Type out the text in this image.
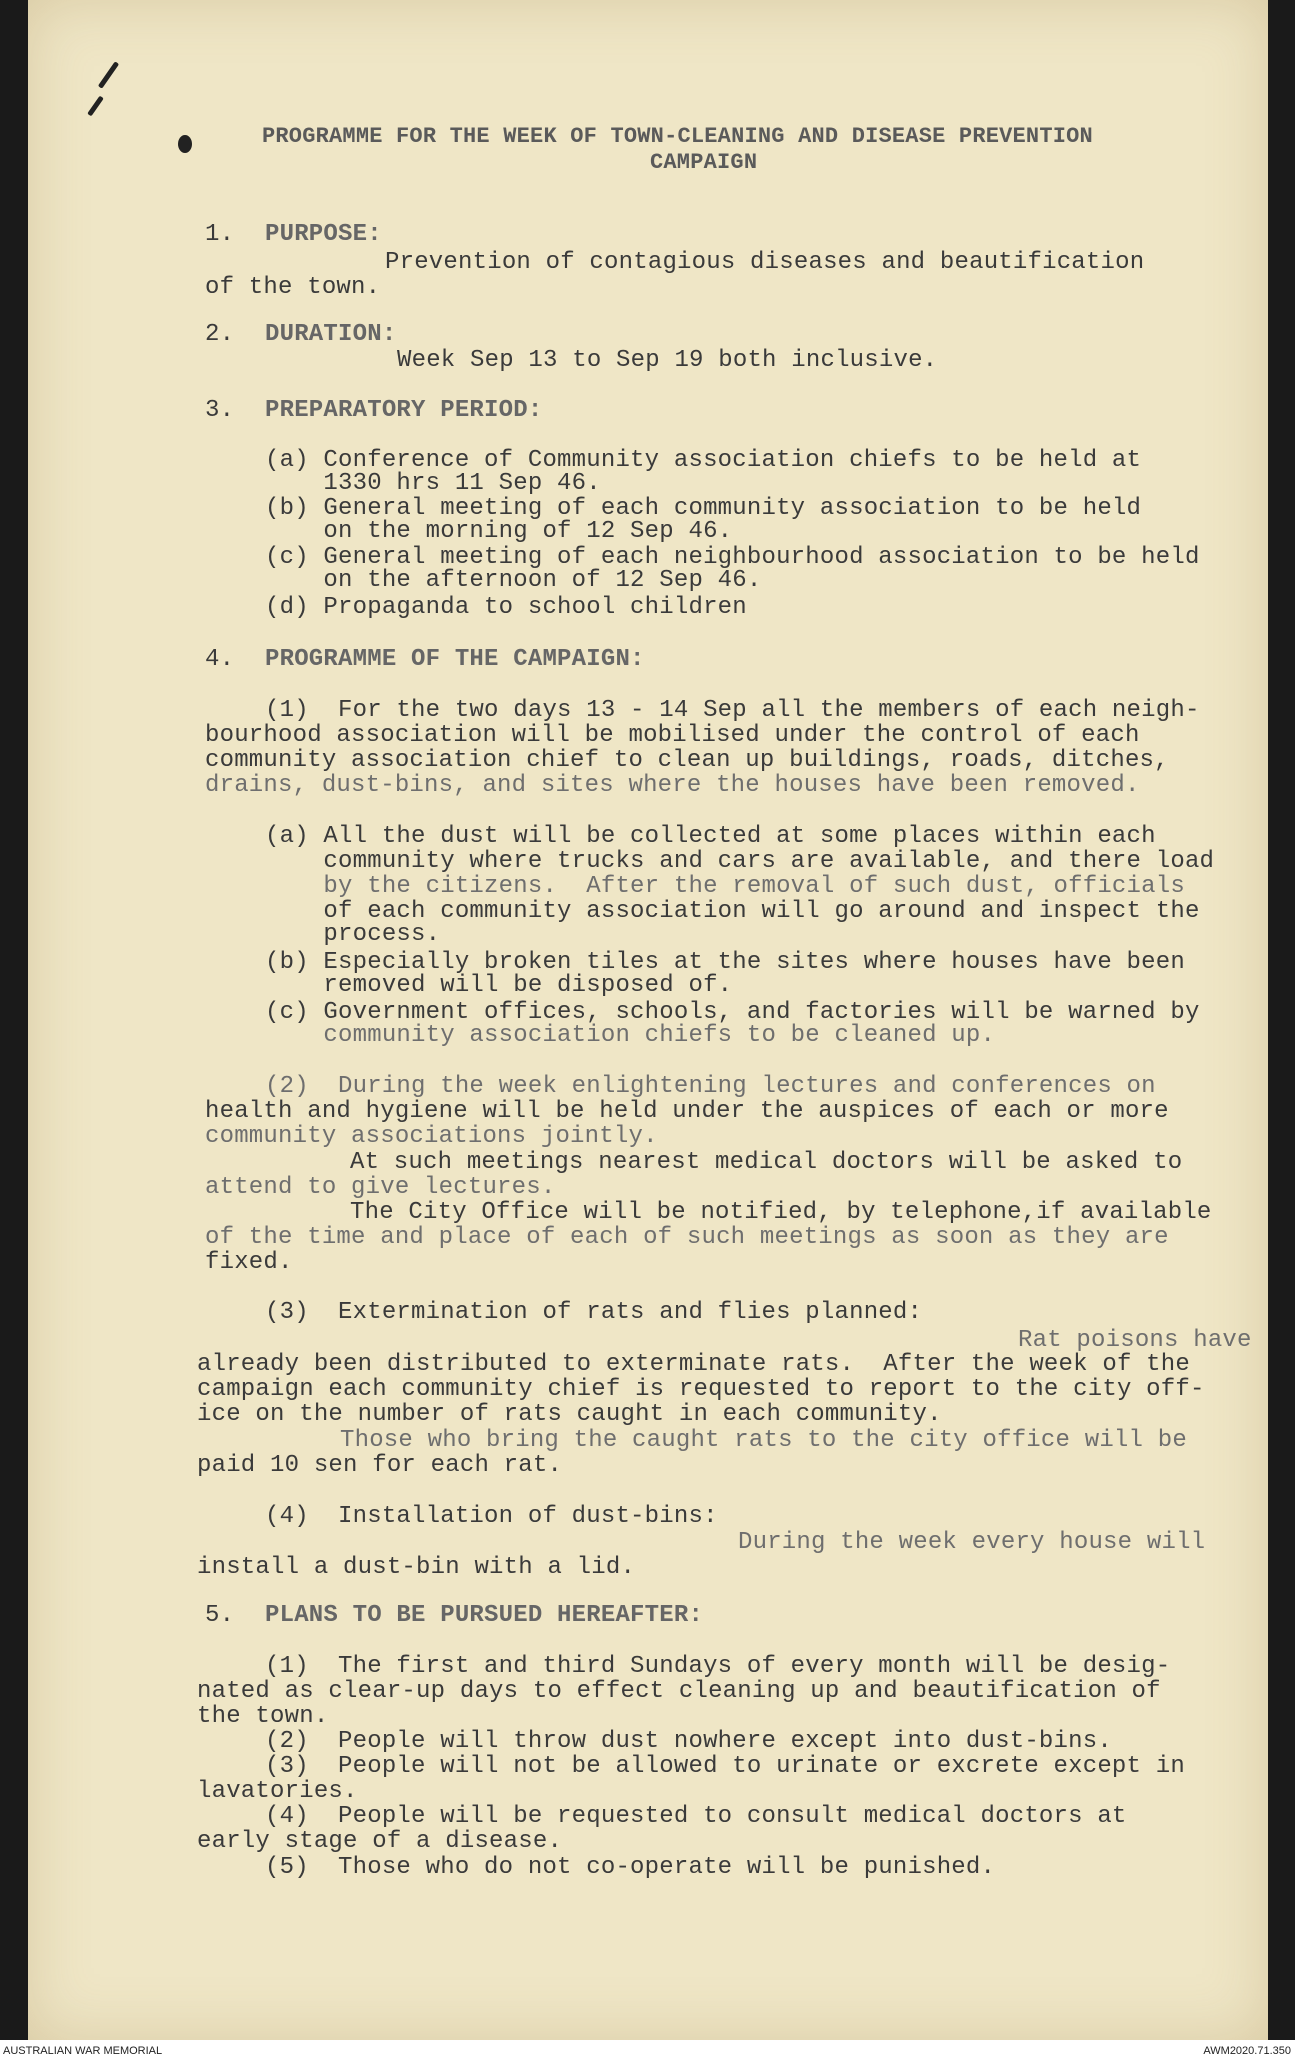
PROGRAMME FOR THE WEEK OF TOWN-CLEANING AND DISEASE PREVENTION
CAMPAIGN
1. PURPOSE:
Prevention of contagious diseases and beautification
of the town.
2. DURATION:
Week Sep 13 to Sep 19 both inclusive.
3. PREPARATORY PERIOD:
(a) Conference of Community association chiefs to be held at
1330 hrs 11 Sep 46.
(b) General meeting of each community association to be held
on the morning of 12 Sep 46.
(c) General meeting of each neighbourhood association to be held
on the afternoon of 12 Sep 46.
(d) Propaganda to school children
4. PROGRAMME OF THE CAMPAIGN:
(1)  For the two days 13 - 14 Sep all the members of each neigh-
bourhood association will be mobilised under the control of each
community association chief to clean up buildings, roads, ditches,
drains, dust-bins, and sites where the houses have been removed.
(a) All the dust will be collected at some places within each
community where trucks and cars are available, and there load
by the citizens.  After the removal of such dust, officials
of each community association will go around and inspect the
process.
(b) Especially broken tiles at the sites where houses have been
removed will be disposed of.
(c) Government offices, schools, and factories will be warned by
community association chiefs to be cleaned up.
(2)  During the week enlightening lectures and conferences on
health and hygiene will be held under the auspices of each or more
community associations jointly.
At such meetings nearest medical doctors will be asked to
attend to give lectures.
The City Office will be notified, by telephone,if available
of the time and place of each of such meetings as soon as they are
fixed.
(3)  Extermination of rats and flies planned:
Rat poisons have
already been distributed to exterminate rats.  After the week of the
campaign each community chief is requested to report to the city off-
ice on the number of rats caught in each community.
Those who bring the caught rats to the city office will be
paid 10 sen for each rat.
(4)  Installation of dust-bins:
During the week every house will
install a dust-bin with a lid.
5. PLANS TO BE PURSUED HEREAFTER:
(1)  The first and third Sundays of every month will be desig-
nated as clear-up days to effect cleaning up and beautification of
the town.
(2)  People will throw dust nowhere except into dust-bins.
(3)  People will not be allowed to urinate or excrete except in
lavatories.
(4)  People will be requested to consult medical doctors at
early stage of a disease.
(5)  Those who do not co-operate will be punished.
AUSTRALIAN WAR MEMORIAL	AWM2020.71.350
